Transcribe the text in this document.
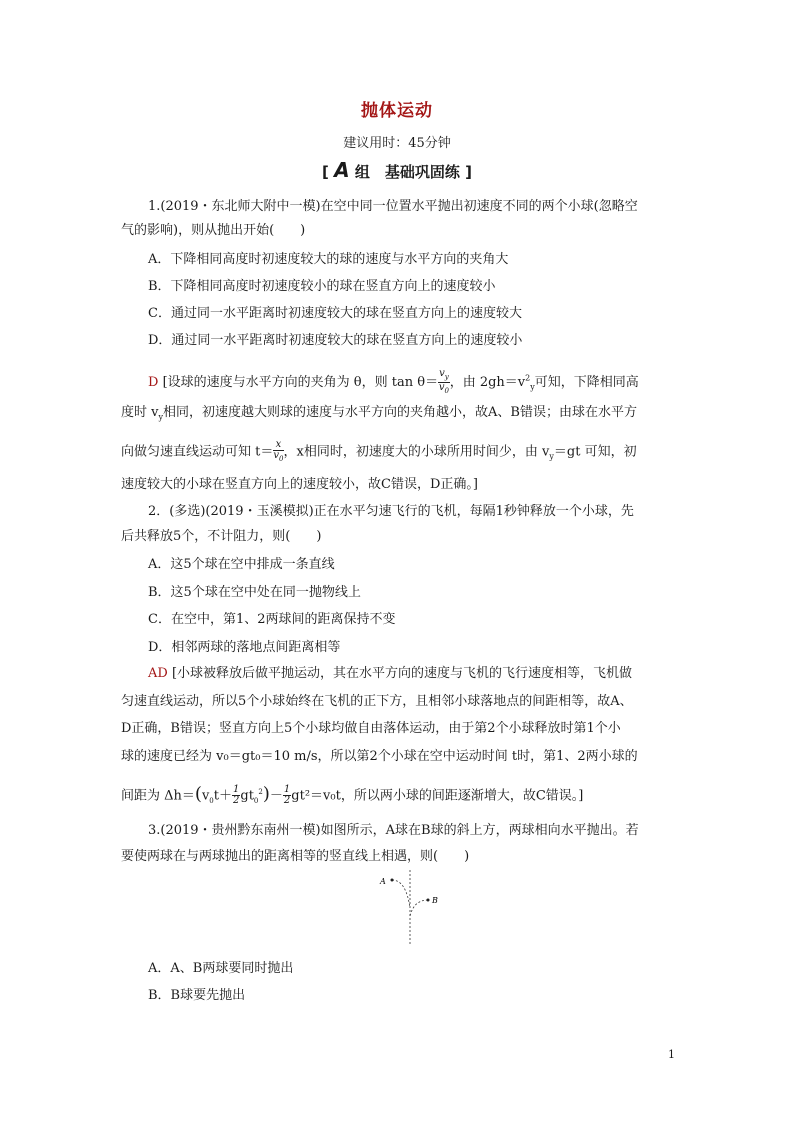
抛体运动
建议用时：45分钟
[ A 组　基础巩固练 ]
1.(2019・东北师大附中一模)在空中同一位置水平抛出初速度不同的两个小球(忽略空
气的影响)，则从抛出开始(　　)
A．下降相同高度时初速度较大的球的速度与水平方向的夹角大
B．下降相同高度时初速度较小的球在竖直方向上的速度较小
C．通过同一水平距离时初速度较大的球在竖直方向上的速度较大
D．通过同一水平距离时初速度较大的球在竖直方向上的速度较小
D [设球的速度与水平方向的夹角为 θ，则 $\tan \theta= \frac{v_y}{v_0}$ ，由 $2gh=v^2_y$可知，下降相同高
度时 $v_y$相同，初速度越大则球的速度与水平方向的夹角越小，故A、B错误；由球在水平方
向做匀速直线运动可知 $t= \frac{x}{v_0}$ ，x相同时，初速度大的小球所用时间少，由 $v_y=gt$ 可知，初
速度较大的小球在竖直方向上的速度较小，故C错误，D正确。]
2．(多选)(2019・玉溪模拟)正在水平匀速飞行的飞机，每隔1秒钟释放一个小球，先
后共释放5个，不计阻力，则(　　)
A．这5个球在空中排成一条直线
B．这5个球在空中处在同一抛物线上
C．在空中，第1、2两球间的距离保持不变
D．相邻两球的落地点间距离相等
AD [小球被释放后做平抛运动，其在水平方向的速度与飞机的飞行速度相等，飞机做
匀速直线运动，所以5个小球始终在飞机的正下方，且相邻小球落地点的间距相等，故A、
D正确，B错误；竖直方向上5个小球均做自由落体运动，由于第2个小球释放时第1个小
球的速度已经为 v₀＝gt₀＝10 m/s，所以第2个小球在空中运动时间 t时，第1、2两小球的
间距为 $\Delta h=(v_0t+ \frac{1}{2} gt_0^2)- \frac{1}{2} gt^2=v_0t$，所以两小球的间距逐渐增大，故C错误。]
3.(2019・贵州黔东南州一模)如图所示，A球在B球的斜上方，两球相向水平抛出。若
要使两球在与两球抛出的距离相等的竖直线上相遇，则(　　)
A
B
A．A、B两球要同时抛出
B．B球要先抛出
1
